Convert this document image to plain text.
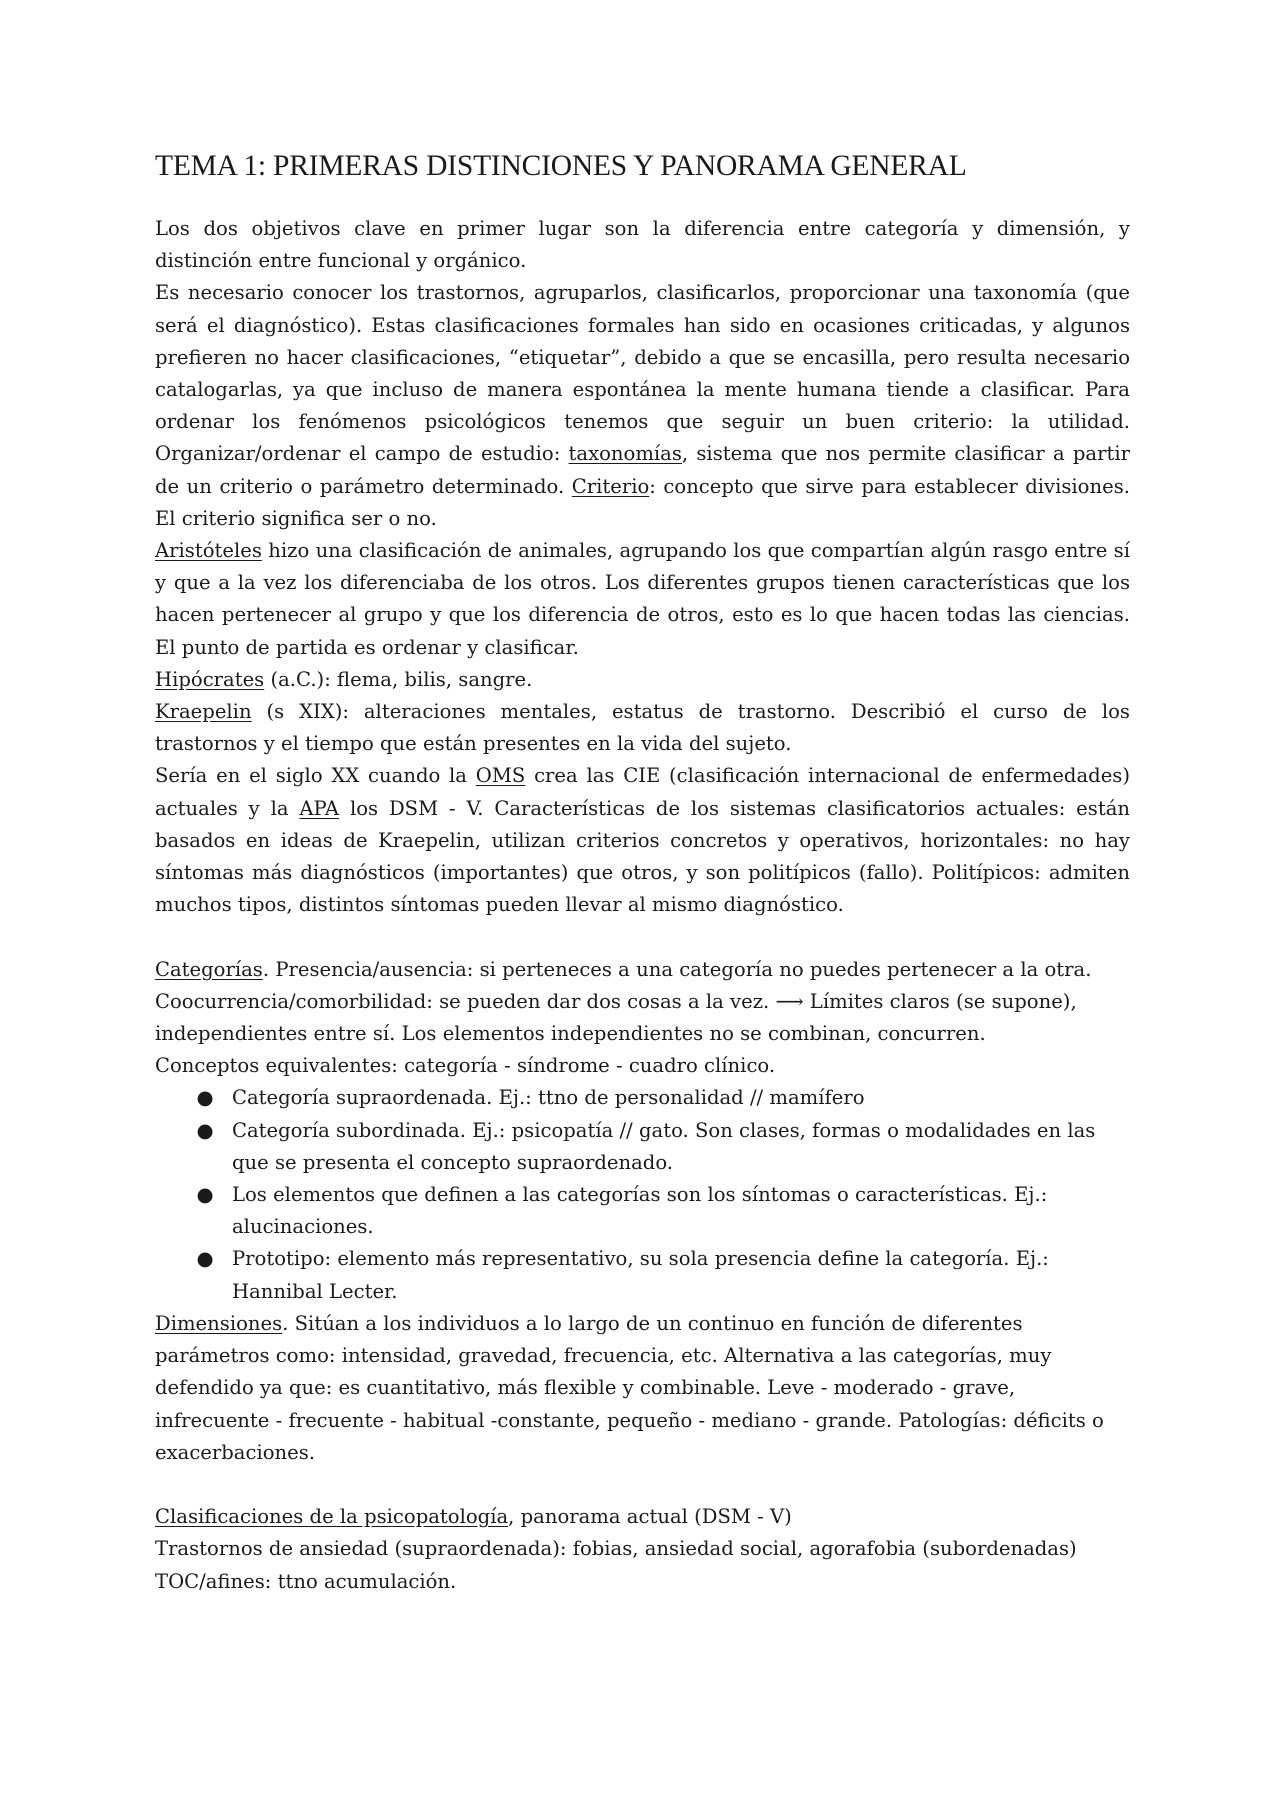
TEMA 1: PRIMERAS DISTINCIONES Y PANORAMA GENERAL

Los dos objetivos clave en primer lugar son la diferencia entre categoría y dimensión, y distinción entre funcional y orgánico.

Es necesario conocer los trastornos, agruparlos, clasificarlos, proporcionar una taxonomía (que será el diagnóstico). Estas clasificaciones formales han sido en ocasiones criticadas, y algunos prefieren no hacer clasificaciones, “etiquetar”, debido a que se encasilla, pero resulta necesario catalogarlas, ya que incluso de manera espontánea la mente humana tiende a clasificar. Para ordenar los fenómenos psicológicos tenemos que seguir un buen criterio: la utilidad. Organizar/ordenar el campo de estudio: taxonomías, sistema que nos permite clasificar a partir de un criterio o parámetro determinado. Criterio: concepto que sirve para establecer divisiones. El criterio significa ser o no.

Aristóteles hizo una clasificación de animales, agrupando los que compartían algún rasgo entre sí y que a la vez los diferenciaba de los otros. Los diferentes grupos tienen características que los hacen pertenecer al grupo y que los diferencia de otros, esto es lo que hacen todas las ciencias. El punto de partida es ordenar y clasificar.

Hipócrates (a.C.): flema, bilis, sangre.

Kraepelin (s XIX): alteraciones mentales, estatus de trastorno. Describió el curso de los trastornos y el tiempo que están presentes en la vida del sujeto.

Sería en el siglo XX cuando la OMS crea las CIE (clasificación internacional de enfermedades) actuales y la APA los DSM - V. Características de los sistemas clasificatorios actuales: están basados en ideas de Kraepelin, utilizan criterios concretos y operativos, horizontales: no hay síntomas más diagnósticos (importantes) que otros, y son politípicos (fallo). Politípicos: admiten muchos tipos, distintos síntomas pueden llevar al mismo diagnóstico.

Categorías. Presencia/ausencia: si perteneces a una categoría no puedes pertenecer a la otra.

Coocurrencia/comorbilidad: se pueden dar dos cosas a la vez. ⟶ Límites claros (se supone), independientes entre sí. Los elementos independientes no se combinan, concurren.

Conceptos equivalentes: categoría - síndrome - cuadro clínico.

● Categoría supraordenada. Ej.: ttno de personalidad // mamífero
● Categoría subordinada. Ej.: psicopatía // gato. Son clases, formas o modalidades en las que se presenta el concepto supraordenado.
● Los elementos que definen a las categorías son los síntomas o características. Ej.: alucinaciones.
● Prototipo: elemento más representativo, su sola presencia define la categoría. Ej.: Hannibal Lecter.

Dimensiones. Sitúan a los individuos a lo largo de un continuo en función de diferentes parámetros como: intensidad, gravedad, frecuencia, etc. Alternativa a las categorías, muy defendido ya que: es cuantitativo, más flexible y combinable. Leve - moderado - grave, infrecuente - frecuente - habitual -constante, pequeño - mediano - grande. Patologías: déficits o exacerbaciones.

Clasificaciones de la psicopatología, panorama actual (DSM - V)

Trastornos de ansiedad (supraordenada): fobias, ansiedad social, agorafobia (subordenadas)

TOC/afines: ttno acumulación.
